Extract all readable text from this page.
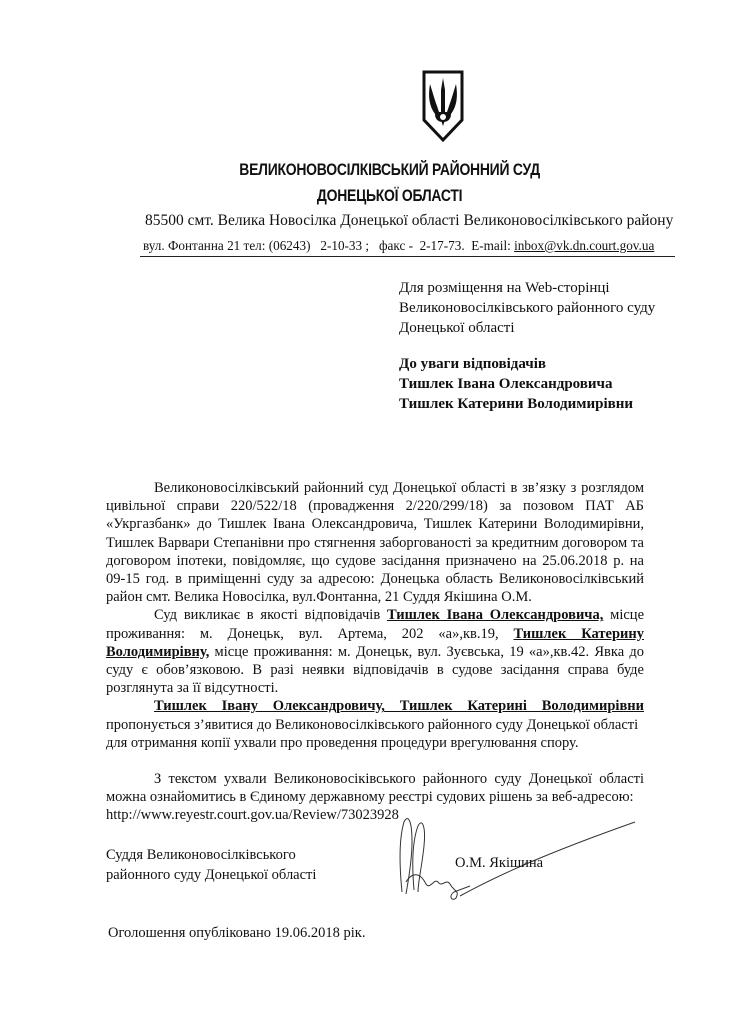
ВЕЛИКОНОВОСІЛКІВСЬКИЙ РАЙОННИЙ СУД
ДОНЕЦЬКОЇ ОБЛАСТІ
85500 смт. Велика Новосілка Донецької області Великоновосілківського району
вул. Фонтанна 21 тел: (06243)   2-10-33 ;   факс -  2-17-73.  E-mail: inbox@vk.dn.court.gov.ua
Для розміщення на Web-сторінці
Великоновосілківського районного суду
Донецької області
До уваги відповідачів
Тишлек Івана Олександровича
Тишлек Катерини Володимирівни

Великоновосілківський районний суд Донецької області в зв’язку з розглядом цивільної справи 220/522/18 (провадження 2/220/299/18) за позовом ПАТ АБ «Укргазбанк» до Тишлек Івана Олександровича, Тишлек Катерини Володимирівни, Тишлек Варвари Степанівни про стягнення заборгованості за кредитним договором та договором іпотеки, повідомляє, що судове засідання призначено на 25.06.2018 р. на 09-15 год. в приміщенні суду за адресою: Донецька область Великоновосілківський район смт. Велика Новосілка, вул.Фонтанна, 21 Суддя Якішина О.М.

Суд викликає в якості відповідачів Тишлек Івана Олександровича, місце проживання: м. Донецьк, вул. Артема, 202 «а»,кв.19, Тишлек Катерину Володимирівну, місце проживання: м. Донецьк, вул. Зуєвська, 19 «а»,кв.42. Явка до суду є обов’язковою. В разі неявки відповідачів в судове засідання справа буде розглянута за її відсутності.

Тишлек Івану Олександровичу, Тишлек Катерині Володимирівни

пропонується з’явитися до Великоновосілківського районного суду Донецької області

для отримання копії ухвали про проведення процедури врегулювання спору.

З текстом ухвали Великоновосіківського районного суду Донецької області можна ознайомитись в Єдиному державному реєстрі судових рішень за веб-адресою:

http://www.reyestr.court.gov.ua/Review/73023928

Суддя Великоновосілківського
районного суду Донецької області
О.М. Якішина
Оголошення опубліковано 19.06.2018 рік.
